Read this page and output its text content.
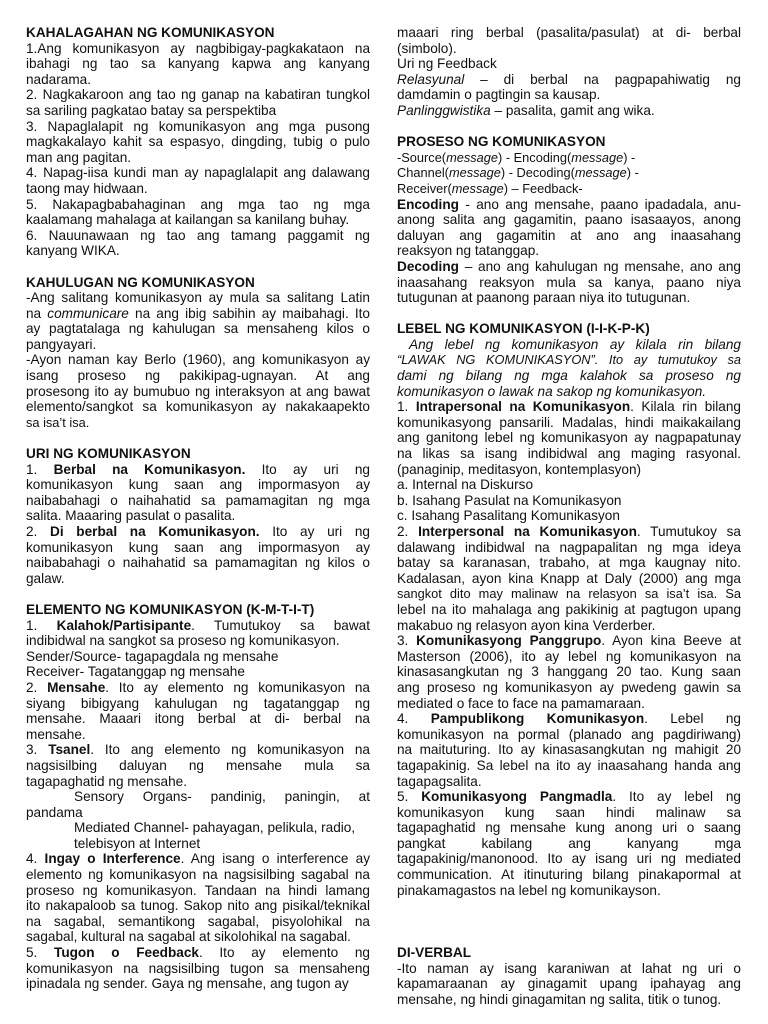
KAHALAGAHAN NG KOMUNIKASYON

1.Ang komunikasyon ay nagbibigay-pagkakataon na

ibahagi ng tao sa kanyang kapwa ang kanyang

nadarama.

2. Nagkakaroon ang tao ng ganap na kabatiran tungkol

sa sariling pagkatao batay sa perspektiba

3. Napaglalapit ng komunikasyon ang mga pusong

magkakalayo kahit sa espasyo, dingding, tubig o pulo

man ang pagitan.

4. Napag-iisa kundi man ay napaglalapit ang dalawang

taong may hidwaan.

5. Nakapagbabahaginan ang mga tao ng mga

kaalamang mahalaga at kailangan sa kanilang buhay.

6. Nauunawaan ng tao ang tamang paggamit ng

kanyang WIKA.

KAHULUGAN NG KOMUNIKASYON

-Ang salitang komunikasyon ay mula sa salitang Latin

na communicare na ang ibig sabihin ay maibahagi. Ito

ay pagtatalaga ng kahulugan sa mensaheng kilos o

pangyayari.

-Ayon naman kay Berlo (1960), ang komunikasyon ay

isang proseso ng pakikipag-ugnayan. At ang

prosesong ito ay bumubuo ng interaksyon at ang bawat

elemento/sangkot sa komunikasyon ay nakakaapekto

sa isa’t isa.

URI NG KOMUNIKASYON

1. Berbal na Komunikasyon. Ito ay uri ng

komunikasyon kung saan ang impormasyon ay

naibabahagi o naihahatid sa pamamagitan ng mga

salita. Maaaring pasulat o pasalita.

2. Di berbal na Komunikasyon. Ito ay uri ng

komunikasyon kung saan ang impormasyon ay

naibabahagi o naihahatid sa pamamagitan ng kilos o

galaw.

ELEMENTO NG KOMUNIKASYON (K-M-T-I-T)

1. Kalahok/Partisipante. Tumutukoy sa bawat

indibidwal na sangkot sa proseso ng komunikasyon.

Sender/Source- tagapagdala ng mensahe

Receiver- Tagatanggap ng mensahe

2. Mensahe. Ito ay elemento ng komunikasyon na

siyang bibigyang kahulugan ng tagatanggap ng

mensahe. Maaari itong berbal at di- berbal na

mensahe.

3. Tsanel. Ito ang elemento ng komunikasyon na

nagsisilbing daluyan ng mensahe mula sa

tagapaghatid ng mensahe.

Sensory Organs- pandinig, paningin, at

pandama

Mediated Channel- pahayagan, pelikula, radio,

telebisyon at Internet

4. Ingay o Interference. Ang isang o interference ay

elemento ng komunikasyon na nagsisilbing sagabal na

proseso ng komunikasyon. Tandaan na hindi lamang

ito nakapaloob sa tunog. Sakop nito ang pisikal/teknikal

na sagabal, semantikong sagabal, pisyolohikal na

sagabal, kultural na sagabal at sikolohikal na sagabal.

5. Tugon o Feedback. Ito ay elemento ng

komunikasyon na nagsisilbing tugon sa mensaheng

ipinadala ng sender. Gaya ng mensahe, ang tugon ay

maaari ring berbal (pasalita/pasulat) at di- berbal

(simbolo).

Uri ng Feedback

Relasyunal – di berbal na pagpapahiwatig ng

damdamin o pagtingin sa kausap.

Panlinggwistika – pasalita, gamit ang wika.

PROSESO NG KOMUNIKASYON

-Source(message) - Encoding(message) -

Channel(message) - Decoding(message) -

Receiver(message) – Feedback-

Encoding - ano ang mensahe, paano ipadadala, anu-

anong salita ang gagamitin, paano isasaayos, anong

daluyan ang gagamitin at ano ang inaasahang

reaksyon ng tatanggap.

Decoding – ano ang kahulugan ng mensahe, ano ang

inaasahang reaksyon mula sa kanya, paano niya

tutugunan at paanong paraan niya ito tutugunan.

LEBEL NG KOMUNIKASYON (I-I-K-P-K)

Ang lebel ng komunikasyon ay kilala rin bilang

“LAWAK NG KOMUNIKASYON”. Ito ay tumutukoy sa

dami ng bilang ng mga kalahok sa proseso ng

komunikasyon o lawak na sakop ng komunikasyon.

1. Intrapersonal na Komunikasyon. Kilala rin bilang

komunikasyong pansarili. Madalas, hindi maikakailang

ang ganitong lebel ng komunikasyon ay nagpapatunay

na likas sa isang indibidwal ang maging rasyonal.

(panaginip, meditasyon, kontemplasyon)

a. Internal na Diskurso

b. Isahang Pasulat na Komunikasyon

c. Isahang Pasalitang Komunikasyon

2. Interpersonal na Komunikasyon. Tumutukoy sa

dalawang indibidwal na nagpapalitan ng mga ideya

batay sa karanasan, trabaho, at mga kaugnay nito.

Kadalasan, ayon kina Knapp at Daly (2000) ang mga

sangkot dito may malinaw na relasyon sa isa’t isa. Sa

lebel na ito mahalaga ang pakikinig at pagtugon upang

makabuo ng relasyon ayon kina Verderber.

3. Komunikasyong Panggrupo. Ayon kina Beeve at

Masterson (2006), ito ay lebel ng komunikasyon na

kinasasangkutan ng 3 hanggang 20 tao. Kung saan

ang proseso ng komunikasyon ay pwedeng gawin sa

mediated o face to face na pamamaraan.

4. Pampublikong Komunikasyon. Lebel ng

komunikasyon na pormal (planado ang pagdiriwang)

na maituturing. Ito ay kinasasangkutan ng mahigit 20

tagapakinig. Sa lebel na ito ay inaasahang handa ang

tagapagsalita.

5. Komunikasyong Pangmadla. Ito ay lebel ng

komunikasyon kung saan hindi malinaw sa

tagapaghatid ng mensahe kung anong uri o saang

pangkat kabilang ang kanyang mga

tagapakinig/manonood. Ito ay isang uri ng mediated

communication. At itinuturing bilang pinakapormal at

pinakamagastos na lebel ng komunikayson.

DI-VERBAL

-Ito naman ay isang karaniwan at lahat ng uri o

kapamaraanan ay ginagamit upang ipahayag ang

mensahe, ng hindi ginagamitan ng salita, titik o tunog.
